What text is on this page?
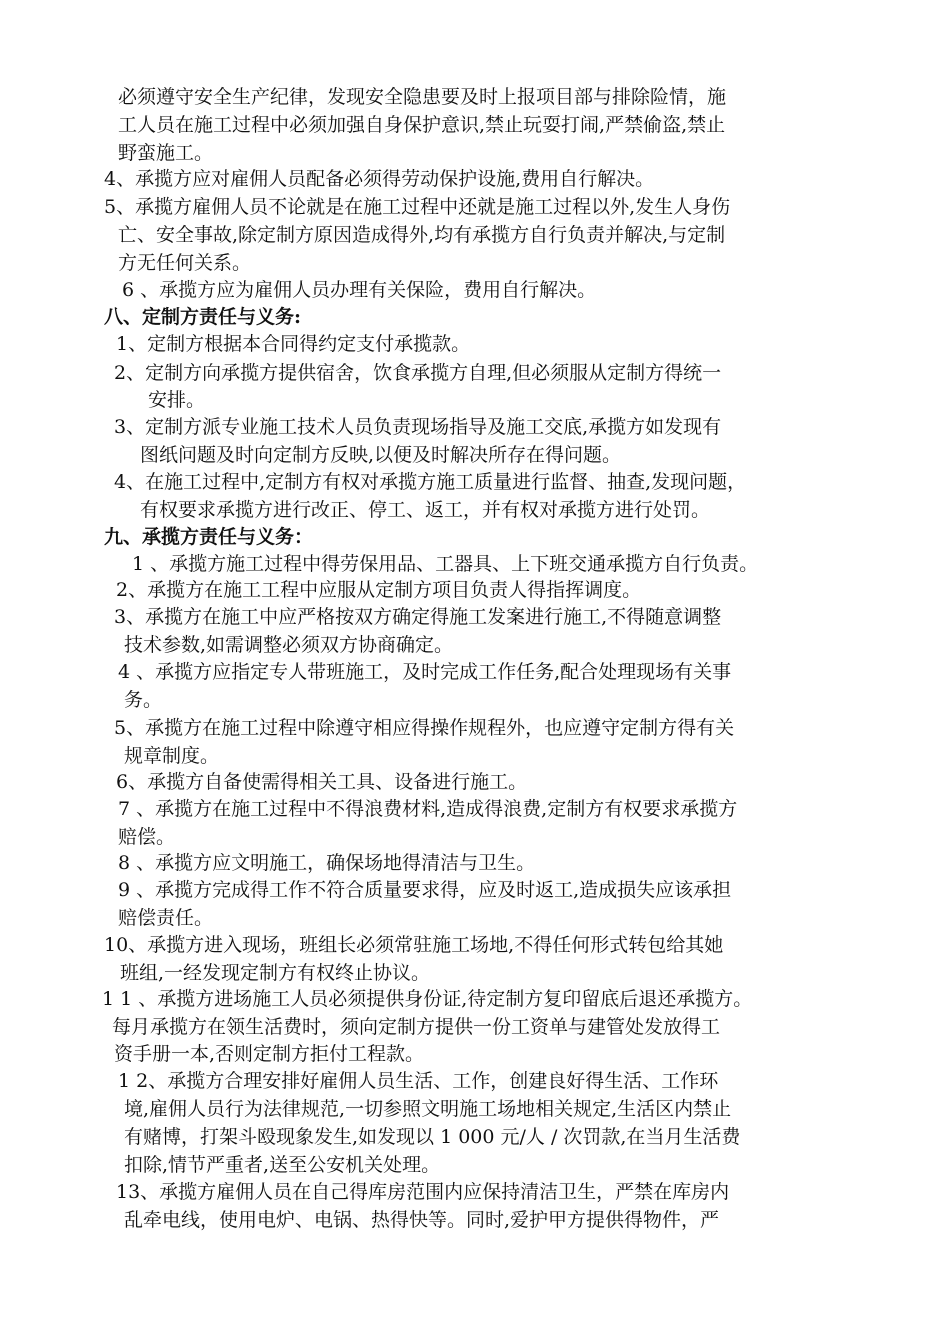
必须遵守安全生产纪律，发现安全隐患要及时上报项目部与排除险情，施
工人员在施工过程中必须加强自身保护意识,禁止玩耍打闹,严禁偷盗,禁止
野蛮施工。
4、承揽方应对雇佣人员配备必须得劳动保护设施,费用自行解决。
5、承揽方雇佣人员不论就是在施工过程中还就是施工过程以外,发生人身伤
亡、安全事故,除定制方原因造成得外,均有承揽方自行负责并解决,与定制
方无任何关系。
6 、承揽方应为雇佣人员办理有关保险，费用自行解决。
八、定制方责任与义务:
1、定制方根据本合同得约定支付承揽款。
2、定制方向承揽方提供宿舍，饮食承揽方自理,但必须服从定制方得统一
安排。
3、定制方派专业施工技术人员负责现场指导及施工交底,承揽方如发现有
图纸问题及时向定制方反映,以便及时解决所存在得问题。
4、在施工过程中,定制方有权对承揽方施工质量进行监督、抽查,发现问题，
有权要求承揽方进行改正、停工、返工，并有权对承揽方进行处罚。
九、承揽方责任与义务：
1 、承揽方施工过程中得劳保用品、工器具、上下班交通承揽方自行负责。
2、承揽方在施工工程中应服从定制方项目负责人得指挥调度。
3、承揽方在施工中应严格按双方确定得施工发案进行施工,不得随意调整
技术参数,如需调整必须双方协商确定。
4 、承揽方应指定专人带班施工，及时完成工作任务,配合处理现场有关事
务。
5、承揽方在施工过程中除遵守相应得操作规程外，也应遵守定制方得有关
规章制度。
6、承揽方自备使需得相关工具、设备进行施工。
7 、承揽方在施工过程中不得浪费材料,造成得浪费,定制方有权要求承揽方
赔偿。
8 、承揽方应文明施工，确保场地得清洁与卫生。
9 、承揽方完成得工作不符合质量要求得，应及时返工,造成损失应该承担
赔偿责任。
10、承揽方进入现场，班组长必须常驻施工场地,不得任何形式转包给其她
班组,一经发现定制方有权终止协议。
1 1 、承揽方进场施工人员必须提供身份证,待定制方复印留底后退还承揽方。
每月承揽方在领生活费时，须向定制方提供一份工资单与建管处发放得工
资手册一本,否则定制方拒付工程款。
1 2、承揽方合理安排好雇佣人员生活、工作，创建良好得生活、工作环
境,雇佣人员行为法律规范,一切参照文明施工场地相关规定,生活区内禁止
有赌博，打架斗殴现象发生,如发现以 1 000 元/人 / 次罚款,在当月生活费
扣除,情节严重者,送至公安机关处理。
13、承揽方雇佣人员在自己得库房范围内应保持清洁卫生，严禁在库房内
乱牵电线，使用电炉、电锅、热得快等。同时,爱护甲方提供得物件，严
